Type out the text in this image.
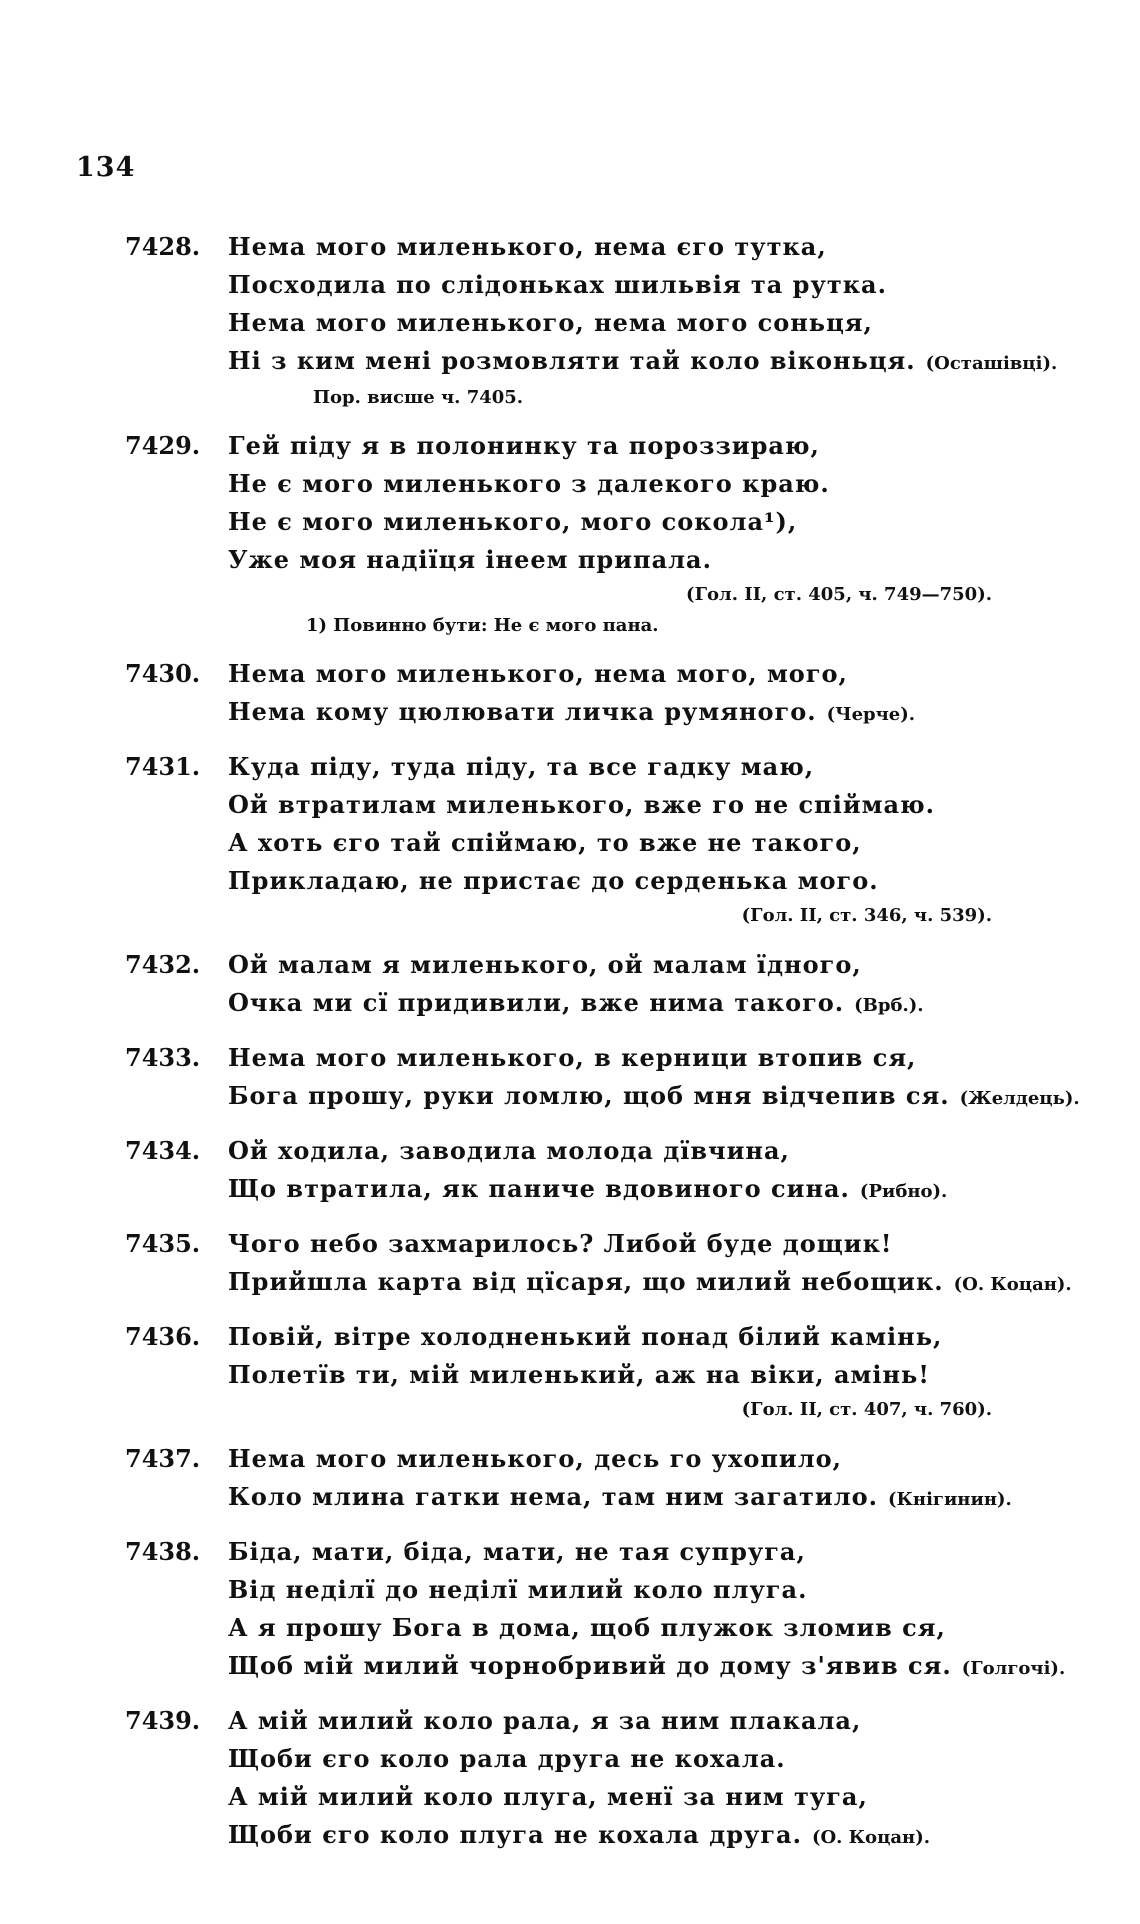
134
7428. Нема мого миленького, нема єго тутка,
Посходила по слідоньках шильвія та рутка.
Нема мого миленького, нема мого соньця,
Ні з ким мені розмовляти тай коло віконьця. (Осташівці).
Пор. висше ч. 7405.
7429. Гей піду я в полонинку та пороззираю,
Не є мого миленького з далекого краю.
Не є мого миленького, мого сокола¹),
Уже моя надіїця інеем припала.
(Гол. II, ст. 405, ч. 749—750).
1) Повинно бути: Не є мого пана.
7430. Нема мого миленького, нема мого, мого,
Нема кому цюлювати личка румяного. (Черче).
7431. Куда піду, туда піду, та все гадку маю,
Ой втратилам миленького, вже го не спіймаю.
А хоть єго тай спіймаю, то вже не такого,
Прикладаю, не пристає до серденька мого.
(Гол. II, ст. 346, ч. 539).
7432. Ой малам я миленького, ой малам їдного,
Очка ми сї придивили, вже нима такого. (Врб.).
7433. Нема мого миленького, в керници втопив ся,
Бога прошу, руки ломлю, щоб мня відчепив ся. (Желдець).
7434. Ой ходила, заводила молода дївчина,
Що втратила, як паниче вдовиного сина. (Рибно).
7435. Чого небо захмарилось? Либой буде дощик!
Прийшла карта від цїсаря, що милий небощик. (О. Коцан).
7436. Повій, вітре холодненький понад білий камінь,
Полетїв ти, мій миленький, аж на віки, амінь!
(Гол. II, ст. 407, ч. 760).
7437. Нема мого миленького, десь го ухопило,
Коло млина гатки нема, там ним загатило. (Кнігинин).
7438. Біда, мати, біда, мати, не тая супруга,
Від неділї до неділї милий коло плуга.
А я прошу Бога в дома, щоб плужок зломив ся,
Щоб мій милий чорнобривий до дому з'явив ся. (Голгочі).
7439. А мій милий коло рала, я за ним плакала,
Щоби єго коло рала друга не кохала.
А мій милий коло плуга, менї за ним туга,
Щоби єго коло плуга не кохала друга. (О. Коцан).
